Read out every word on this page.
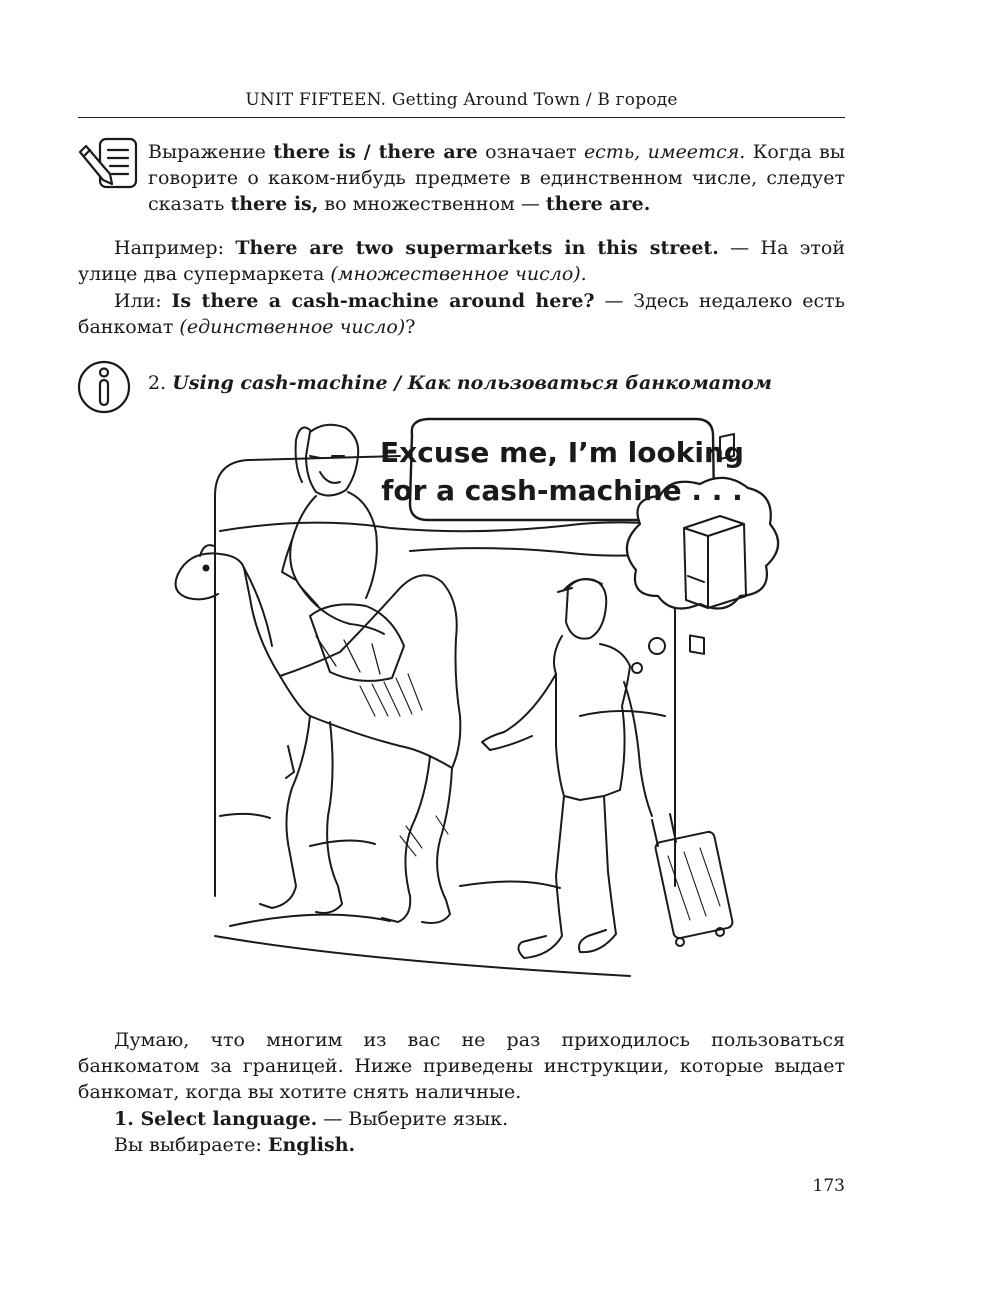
UNIT FIFTEEN. Getting Around Town / В городе
Выражение there is / there are означает есть, имеется. Когда вы говорите о каком-нибудь предмете в единственном числе, следует сказать there is, во множественном — there are.
Например: There are two supermarkets in this street. — На этой улице два супермаркета (множественное число).
Или: Is there a cash-machine around here? — Здесь недалеко есть банкомат (единственное число)?
2. Using cash-machine / Как пользоваться банкоматом
Excuse me, I’m looking
for a cash-machine . . .
Думаю, что многим из вас не раз приходилось пользоваться банкоматом за границей. Ниже приведены инструкции, которые выдает банкомат, когда вы хотите снять наличные.
1. Select language. — Выберите язык.
Вы выбираете: English.
173
